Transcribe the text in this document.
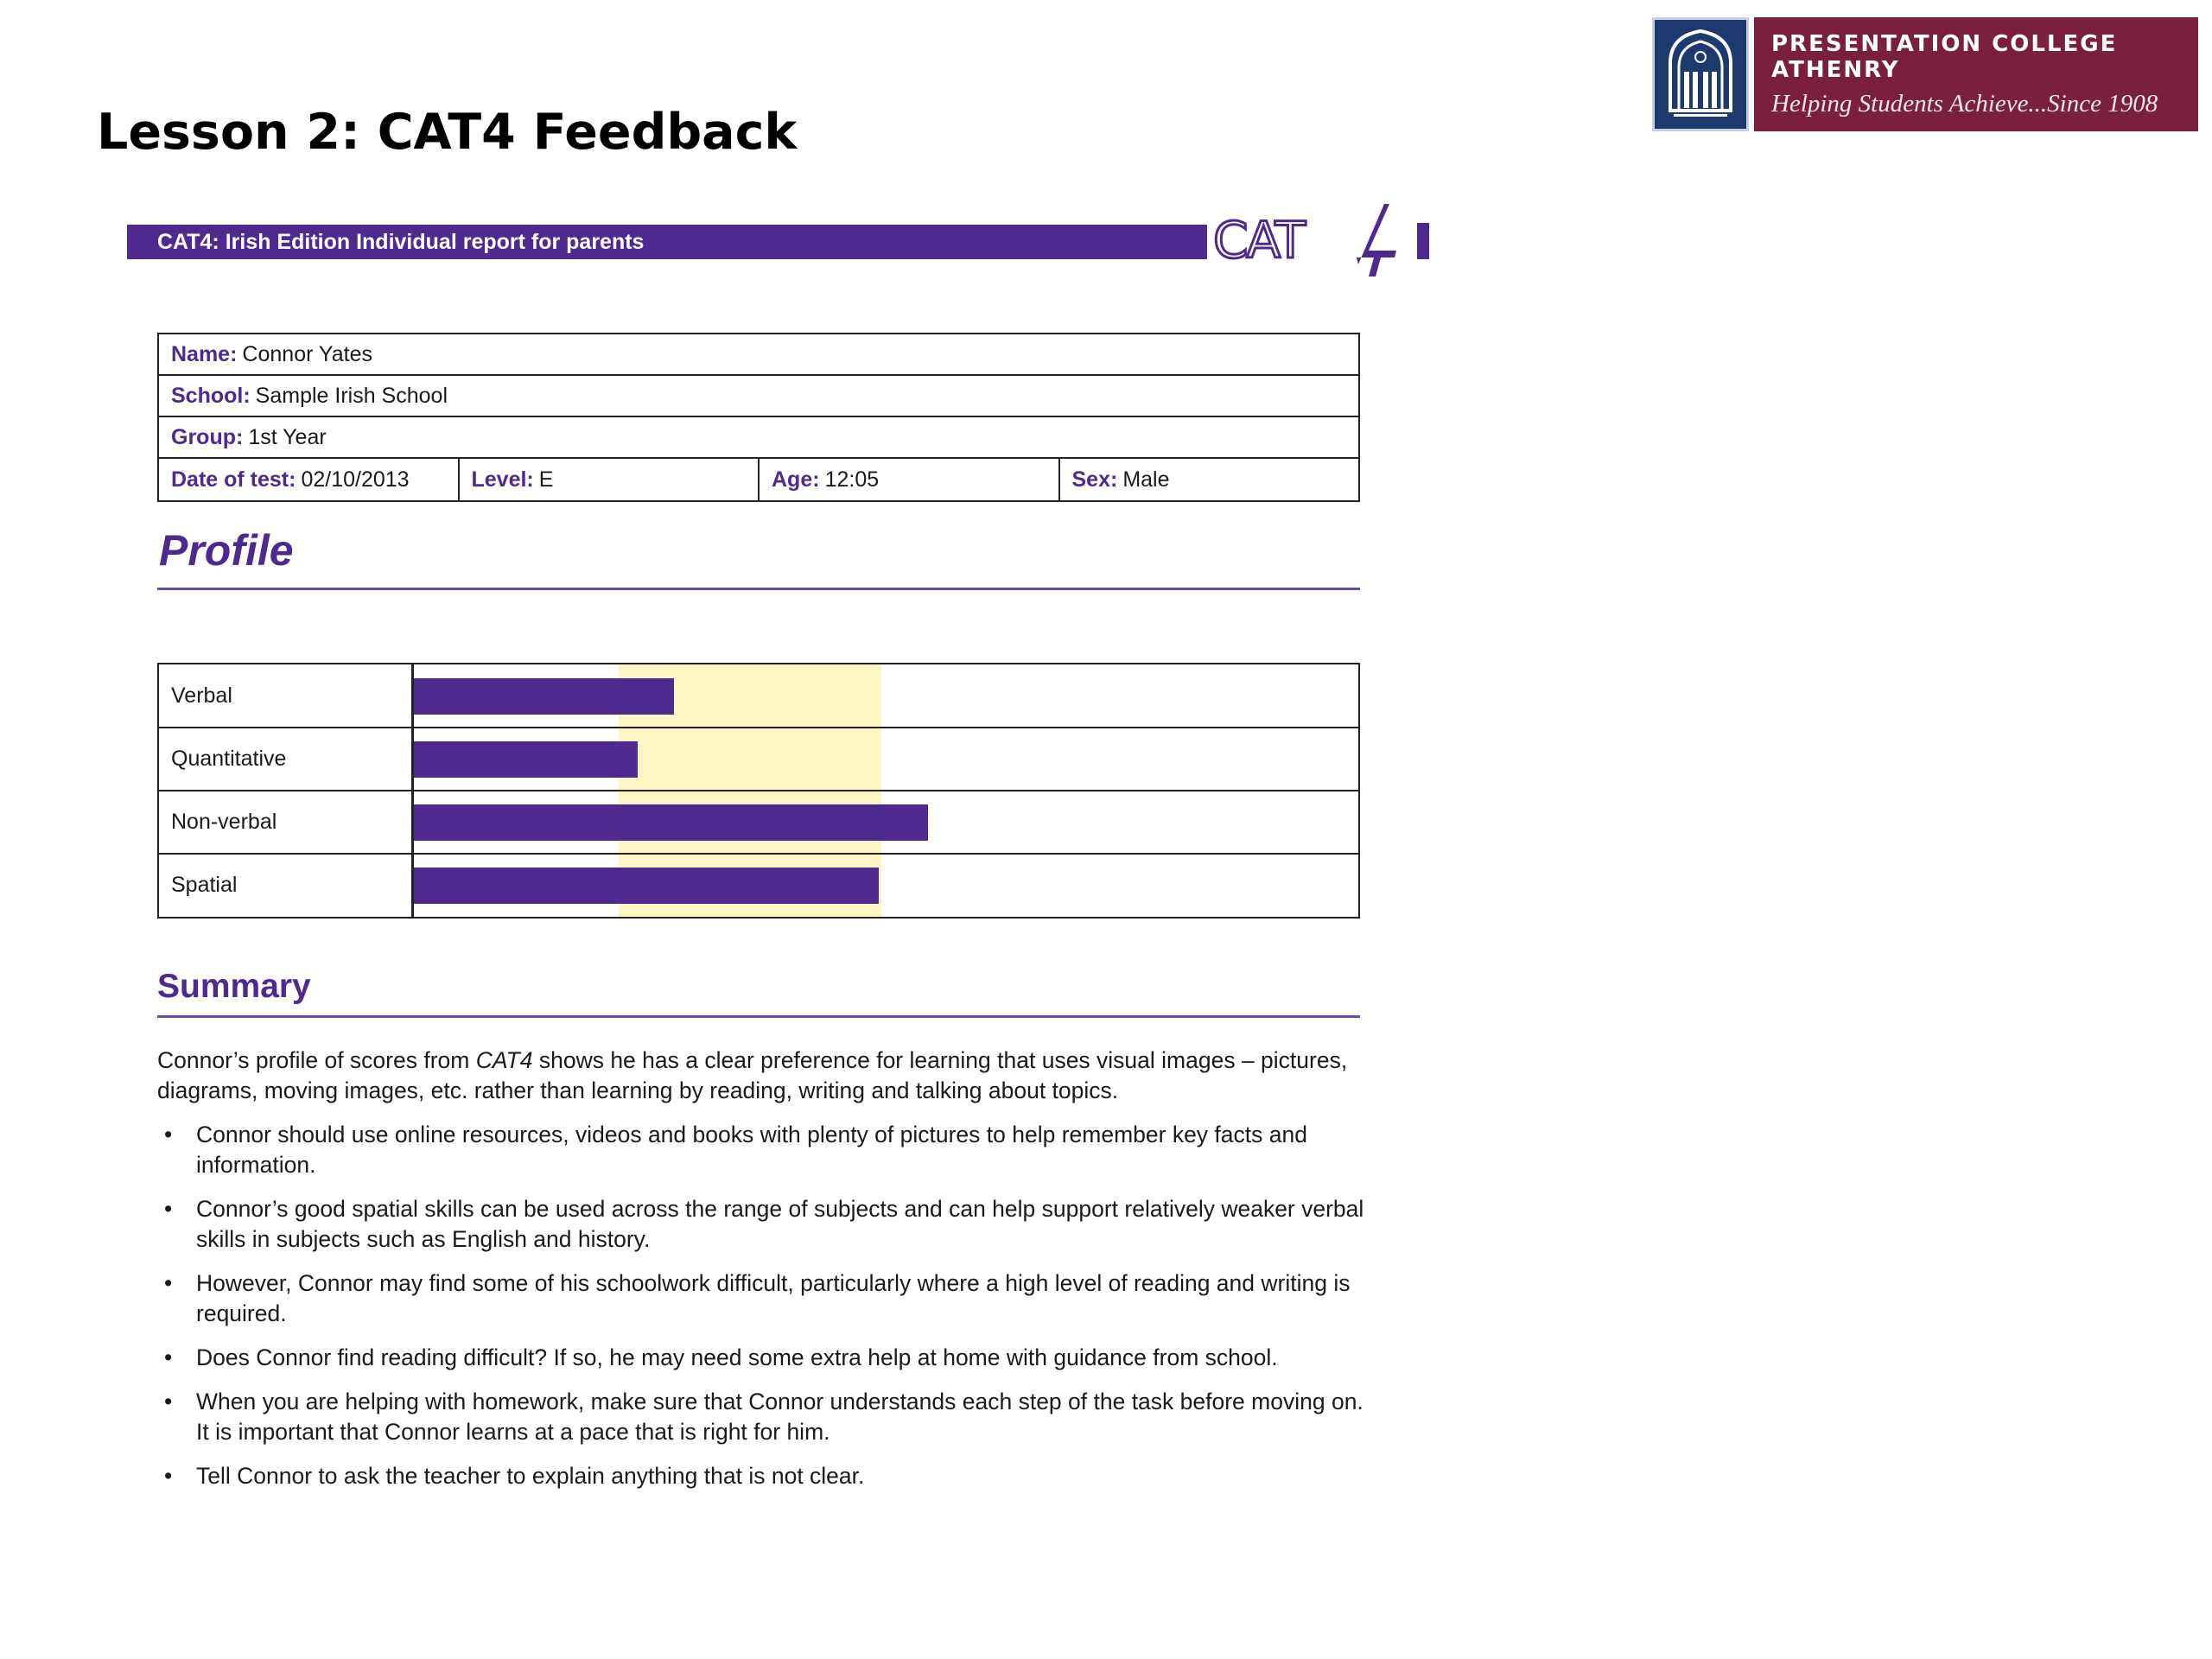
Lesson 2: CAT4 Feedback
PRESENTATION COLLEGE ATHENRY
Helping Students Achieve...Since 1908
CAT4: Irish Edition Individual report for parents	CAT
Name: Connor Yates
School: Sample Irish School
Group: 1st Year
Date of test: 02/10/2013	Level: E	Age: 12:05	Sex: Male
Profile
Verbal
Quantitative
Non-verbal
Spatial
Summary

Connor’s profile of scores from CAT4 shows he has a clear preference for learning that uses visual images – pictures, diagrams, moving images, etc. rather than learning by reading, writing and talking about topics.

• Connor should use online resources, videos and books with plenty of pictures to help remember key facts and information.
• Connor’s good spatial skills can be used across the range of subjects and can help support relatively weaker verbal skills in subjects such as English and history.
• However, Connor may find some of his schoolwork difficult, particularly where a high level of reading and writing is required.
• Does Connor find reading difficult? If so, he may need some extra help at home with guidance from school.
• When you are helping with homework, make sure that Connor understands each step of the task before moving on. It is important that Connor learns at a pace that is right for him.
• Tell Connor to ask the teacher to explain anything that is not clear.
